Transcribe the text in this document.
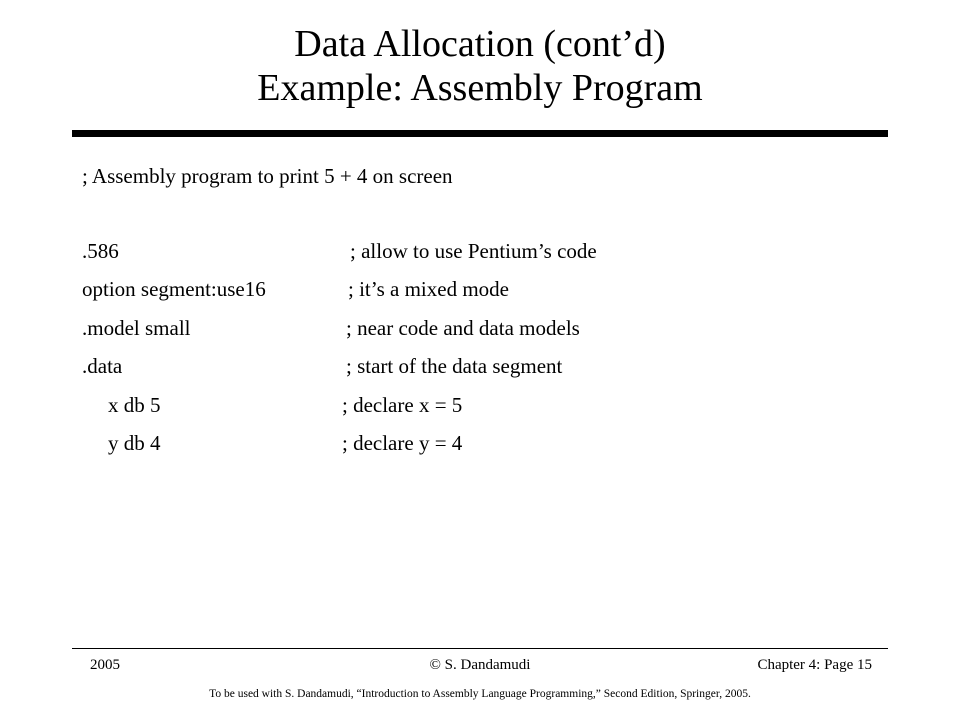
Data Allocation (cont’d)
Example: Assembly Program
; Assembly program to print 5 + 4 on screen
.586	; allow to use Pentium’s code
option segment:use16	; it’s a mixed mode
.model small	; near code and data models
.data	; start of the data segment
x db 5	; declare x = 5
y db 4	; declare y = 4
2005	© S. Dandamudi	Chapter 4: Page 15
To be used with S. Dandamudi, “Introduction to Assembly Language Programming,” Second Edition, Springer, 2005.
